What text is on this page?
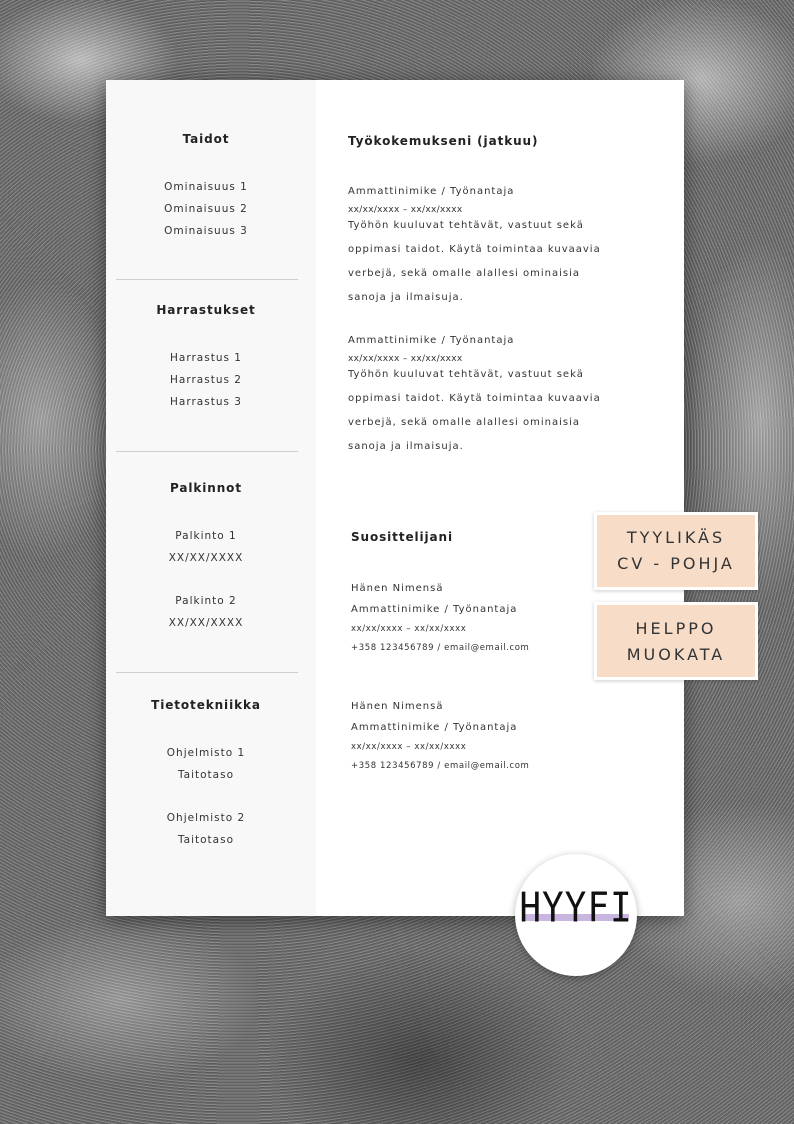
Taidot
Ominaisuus 1
Ominaisuus 2
Ominaisuus 3
Harrastukset
Harrastus 1
Harrastus 2
Harrastus 3
Palkinnot
Palkinto 1
XX/XX/XXXX
Palkinto 2
XX/XX/XXXX
Tietotekniikka
Ohjelmisto 1
Taitotaso
Ohjelmisto 2
Taitotaso
Työkokemukseni (jatkuu)
Ammattinimike / Työnantaja
xx/xx/xxxx – xx/xx/xxxx
Työhön kuuluvat tehtävät, vastuut sekä
oppimasi taidot. Käytä toimintaa kuvaavia
verbejä, sekä omalle alallesi ominaisia
sanoja ja ilmaisuja.
Ammattinimike / Työnantaja
xx/xx/xxxx – xx/xx/xxxx
Työhön kuuluvat tehtävät, vastuut sekä
oppimasi taidot. Käytä toimintaa kuvaavia
verbejä, sekä omalle alallesi ominaisia
sanoja ja ilmaisuja.
Suosittelijani
Hänen Nimensä
Ammattinimike / Työnantaja
xx/xx/xxxx – xx/xx/xxxx
+358 123456789 / email@email.com
Hänen Nimensä
Ammattinimike / Työnantaja
xx/xx/xxxx – xx/xx/xxxx
+358 123456789 / email@email.com
TYYLIKÄS
CV - POHJA
HELPPO
MUOKATA
HYYFI
